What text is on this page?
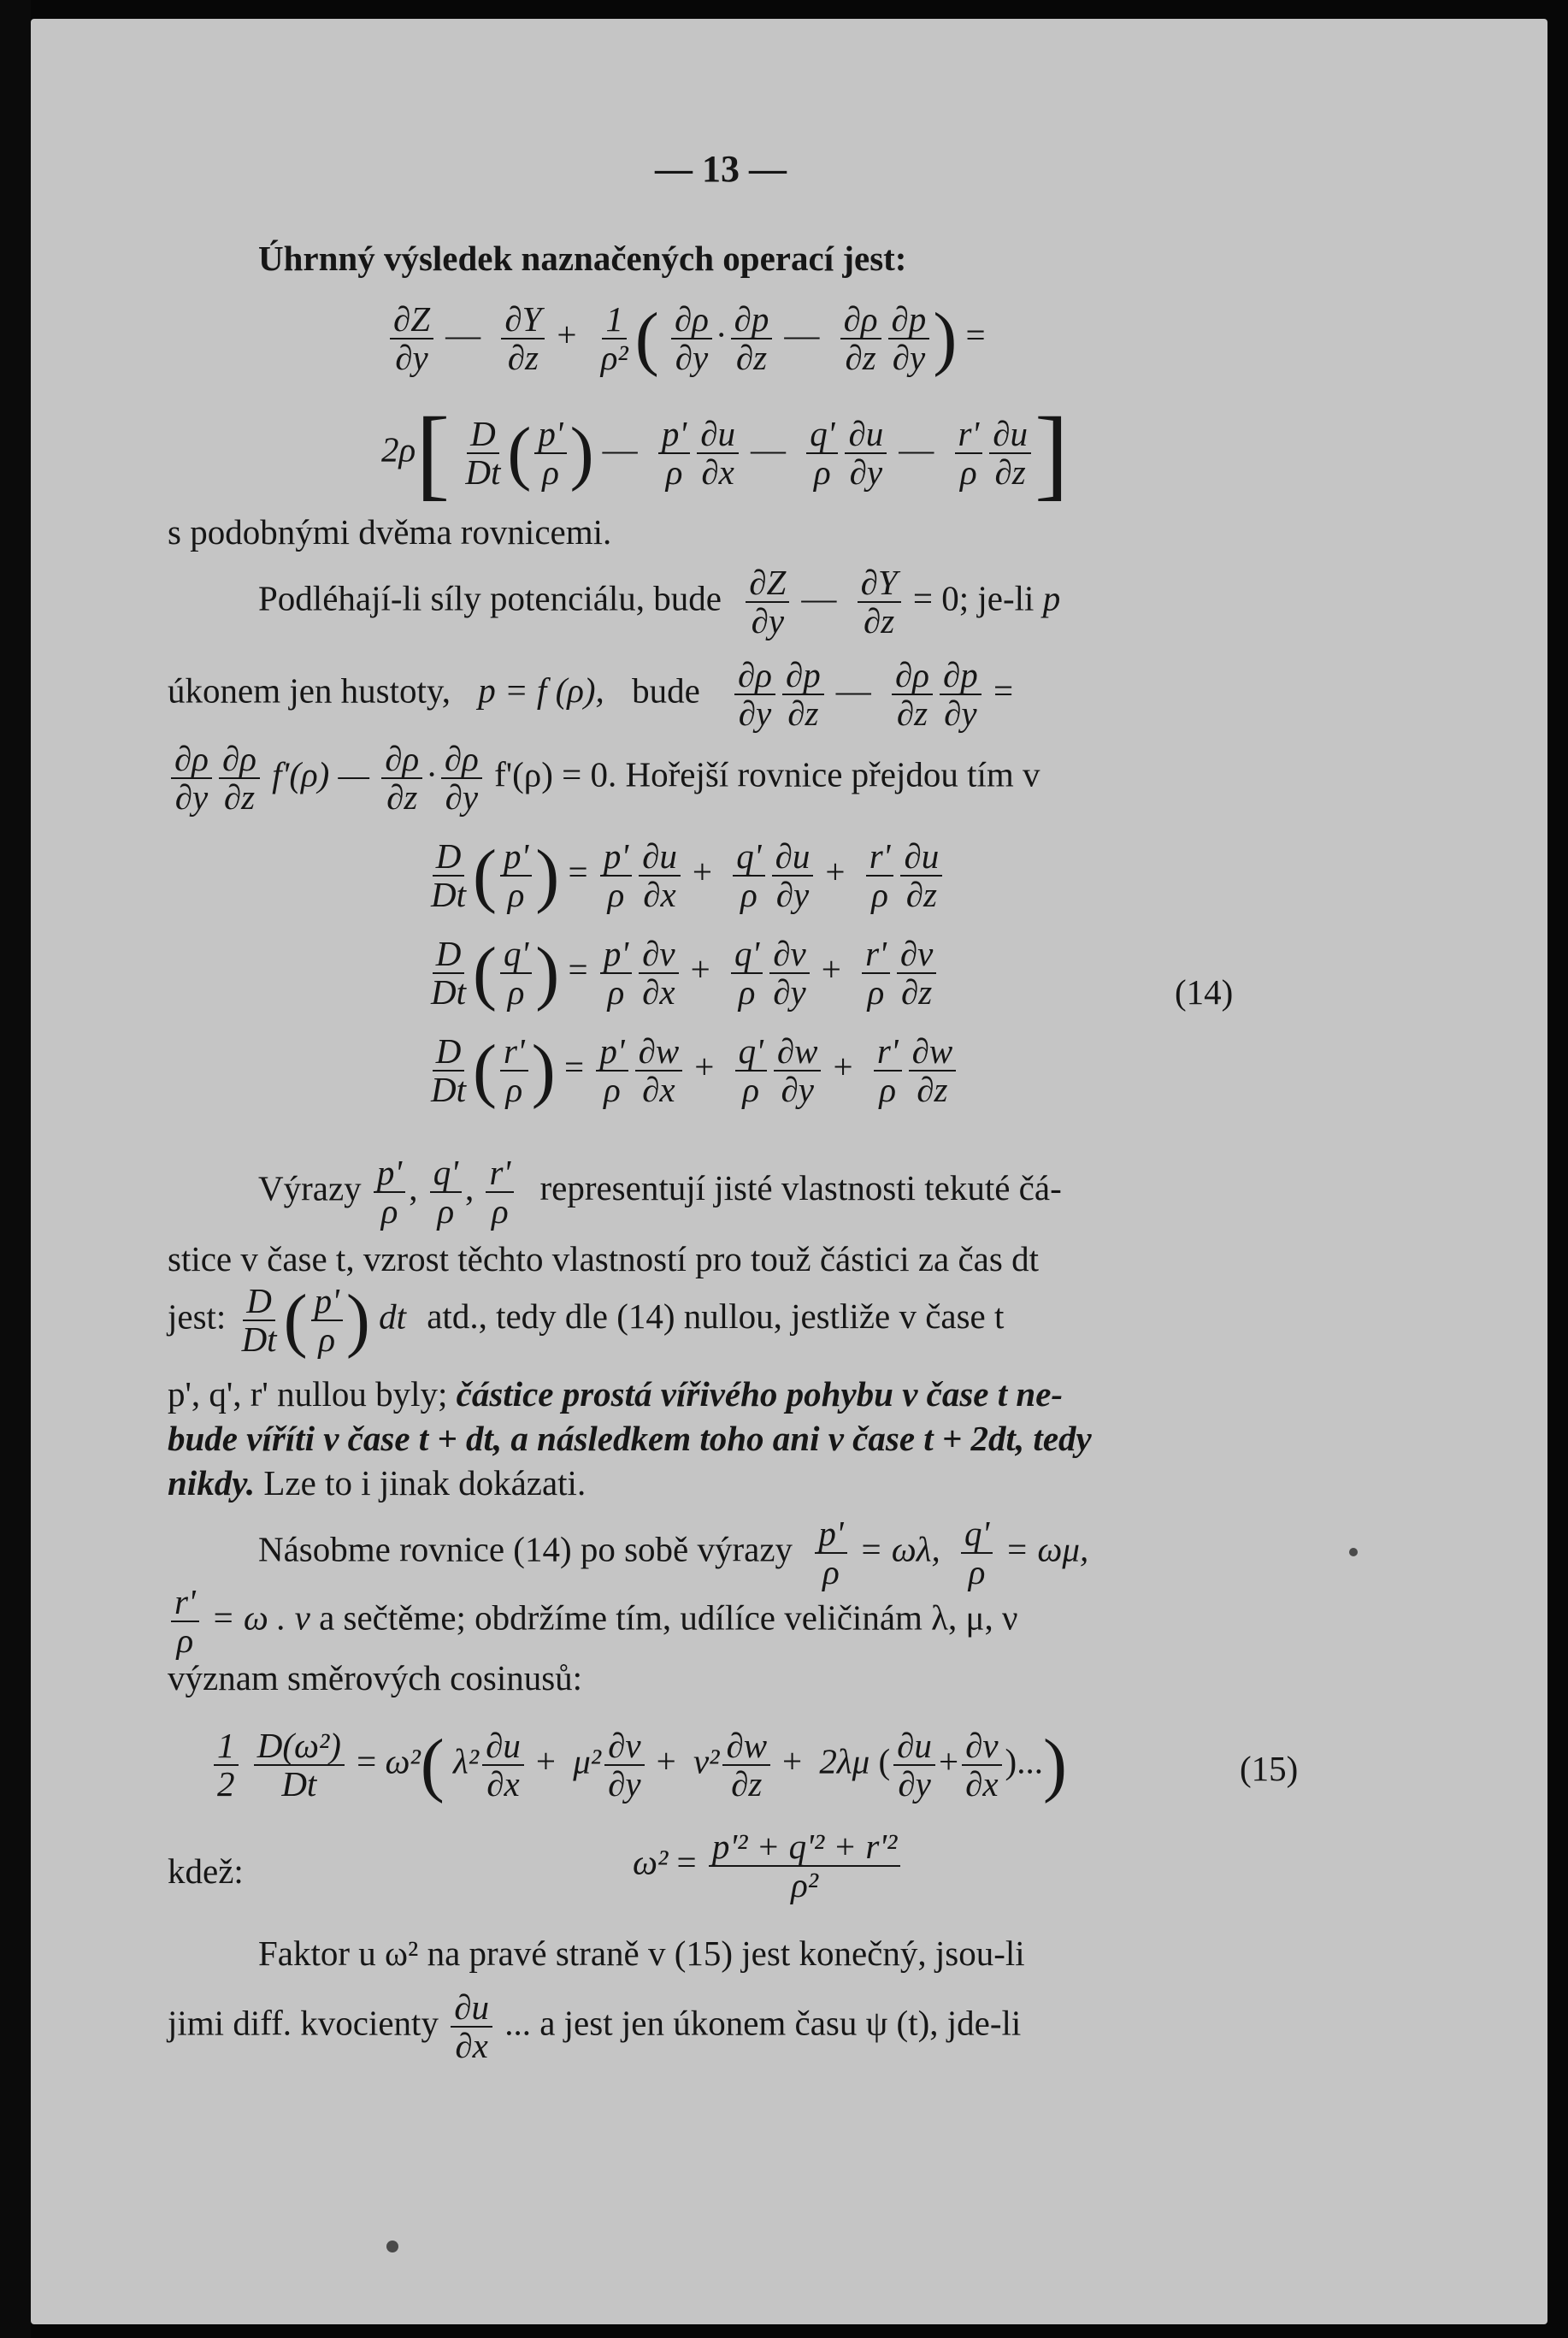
— 13 —
Úhrnný výsledek naznačených operací jest:
$\frac{\partial Z}{\partial y}$ — $\frac{\partial Y}{\partial z} + \frac{1}{\text{ρ²}}$ ( $\frac{\partial\rho}{\partial y} \cdot \frac{\partial p}{\partial z}$ — $\frac{\partial\rho}{\partial z} \frac{\partial p}{\partial y}$ ) =
$2\rho[ \frac{D}{Dt}$ ( $\frac{p'}{\rho}$ ) — $\frac{p'}{\rho} \frac{\partial u}{\partial x}$ — $\frac{q'}{\rho} \frac{\partial u}{\partial y}$ — $\frac{r'}{\rho} \frac{\partial u}{\partial z}$ ]
s podobnými dvěma rovnicemi.
Podléhají-li síly potenciálu, bude $\frac{\partial Z}{\partial y}$ — $\frac{\partial Y}{\partial z} = 0$; je-li p
úkonem jen hustoty, p = f (ρ), bude $\frac{\partial\rho}{\partial y} \frac{\partial p}{\partial z}$ — $\frac{\partial\rho}{\partial z} \frac{\partial p}{\partial y}$ =
$\frac{\partial\rho}{\partial y} \frac{\partial\rho}{\partial z} f'(\rho)$ — $\frac{\partial\rho}{\partial z} \cdot \frac{\partial\rho}{\partial y} f'(\rho) = 0$. Hořejší rovnice přejdou tím v
$\frac{D}{Dt}$ ( $\frac{p'}{\rho}$ ) = $\frac{p'}{\rho} \frac{\partial u}{\partial x} + \frac{q'}{\rho} \frac{\partial u}{\partial y} + \frac{r'}{\rho} \frac{\partial u}{\partial z}$
$\frac{D}{Dt}$ ( $\frac{q'}{\rho}$ ) = $\frac{p'}{\rho} \frac{\partial v}{\partial x} + \frac{q'}{\rho} \frac{\partial v}{\partial y} + \frac{r'}{\rho} \frac{\partial v}{\partial z}$	(14)
$\frac{D}{Dt}$ ( $\frac{r'}{\rho}$ ) = $\frac{p'}{\rho} \frac{\partial w}{\partial x} + \frac{q'}{\rho} \frac{\partial w}{\partial y} + \frac{r'}{\rho} \frac{\partial w}{\partial z}$
Výrazy $\frac{p'}{\rho}$ , $\frac{q'}{\rho}$ , $\frac{r'}{\rho}$ representují jisté vlastnosti tekuté čá-
stice v čase t, vzrost těchto vlastností pro touž částici za čas dt
jest: $\frac{D}{Dt}$ ( $\frac{p'}{\rho}$ ) dt atd., tedy dle (14) nullou, jestliže v čase t
p', q', r' nullou byly; částice prostá vířivého pohybu v čase t ne-
bude víříti v čase t + dt, a následkem toho ani v čase t + 2dt, tedy
nikdy. Lze to i jinak dokázati.
Násobme rovnice (14) po sobě výrazy $\frac{p'}{\rho} = \omega\lambda$, $\frac{q'}{\rho} = \omega\mu$,
$\frac{r'}{\rho} = \omega$ . ν a sečtěme; obdržíme tím, udílíce veličinám λ, μ, ν
význam směrových cosinusů:
$\frac{1}{2}$
$\frac{\text{D(ω²)}}{Dt} = \omega^2$( $\lambda^2 \frac{\partial u}{\partial x} + \mu^2 \frac{\partial v}{\partial y} + \nu^2 \frac{\partial w}{\partial z} + 2\lambda\mu$ ( $\frac{\partial u}{\partial y} + \frac{\partial v}{\partial x}$ )...)	(15)
kdež:	$\omega^2 = \frac{\text{p'² + q'² + r'²}}{\text{ρ²}}$
Faktor u ω² na pravé straně v (15) jest konečný, jsou-li
jimi diff. kvocienty $\frac{\partial u}{\partial x}$ ... a jest jen úkonem času ψ (t), jde-li
